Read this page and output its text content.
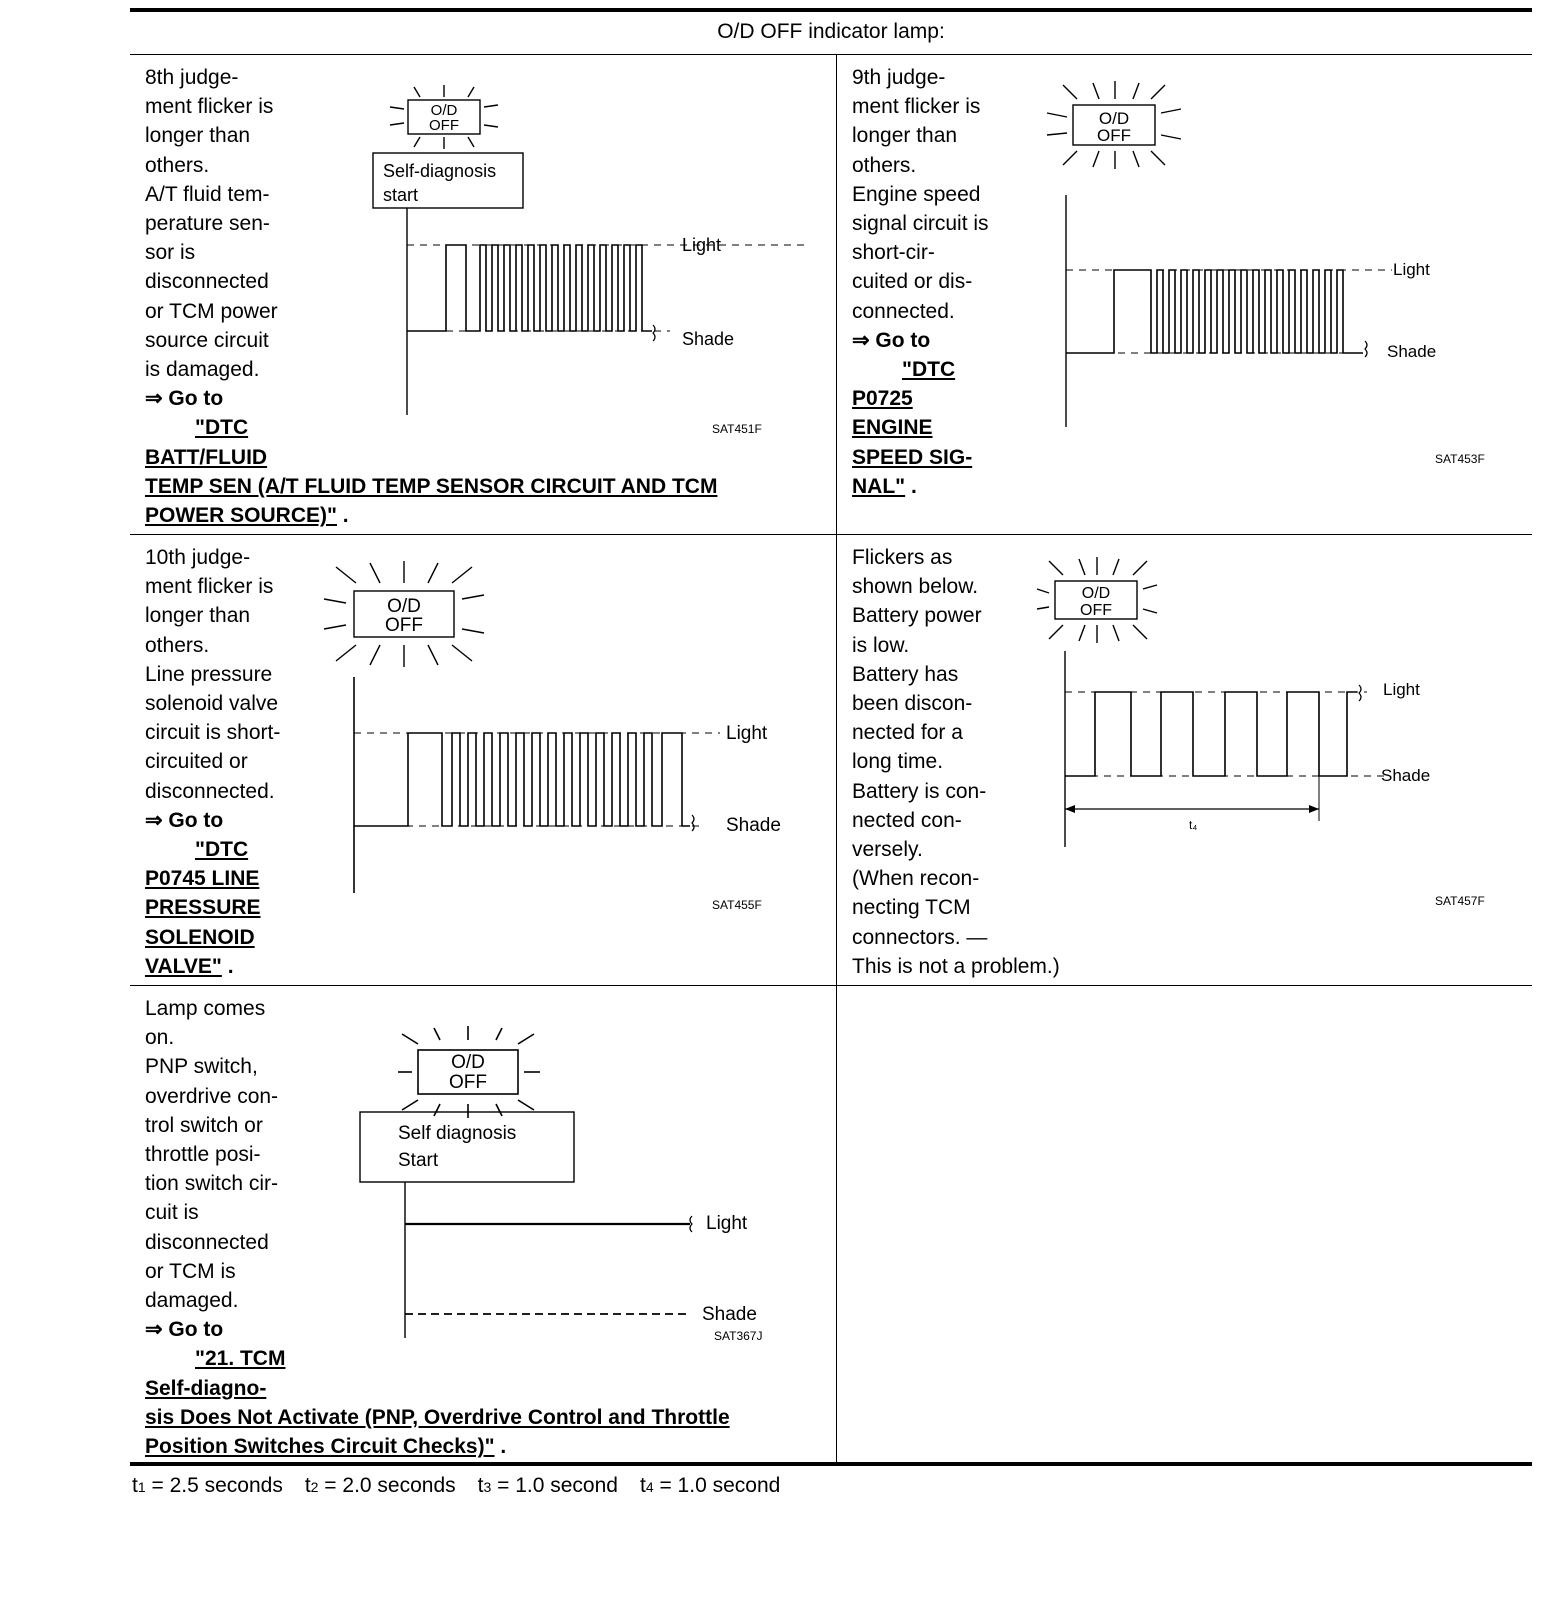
O/D OFF indicator lamp:

8th judge-

ment flicker is

longer than

others.

A/T fluid tem-

perature sen-

sor is

disconnected

or TCM power

source circuit

is damaged.

⇒ Go to

"DTC

BATT/FLUID

TEMP SEN (A/T FLUID TEMP SENSOR CIRCUIT AND TCM

POWER SOURCE)" .

O/D
OFF
Self-diagnosis
start
Light
Shade
SAT451F

9th judge-

ment flicker is

longer than

others.

Engine speed

signal circuit is

short-cir-

cuited or dis-

connected.

⇒ Go to

"DTC

P0725

ENGINE

SPEED SIG-

NAL" .

O/D
OFF
Light
Shade
SAT453F

10th judge-

ment flicker is

longer than

others.

Line pressure

solenoid valve

circuit is short-

circuited or

disconnected.

⇒ Go to

"DTC

P0745 LINE

PRESSURE

SOLENOID

VALVE" .

O/D
OFF
Light
Shade
SAT455F

Flickers as

shown below.

Battery power

is low.

Battery has

been discon-

nected for a

long time.

Battery is con-

nected con-

versely.

(When recon-

necting TCM

connectors. —

This is not a problem.)

O/D
OFF
Light
Shade
t₄
SAT457F

Lamp comes

on.

PNP switch,

overdrive con-

trol switch or

throttle posi-

tion switch cir-

cuit is

disconnected

or TCM is

damaged.

⇒ Go to

"21. TCM

Self-diagno-

sis Does Not Activate (PNP, Overdrive Control and Throttle

Position Switches Circuit Checks)" .

O/D
OFF
Self diagnosis
Start
Light
Shade
SAT367J
t1 = 2.5 seconds t2 = 2.0 seconds t3 = 1.0 second t4 = 1.0 second
